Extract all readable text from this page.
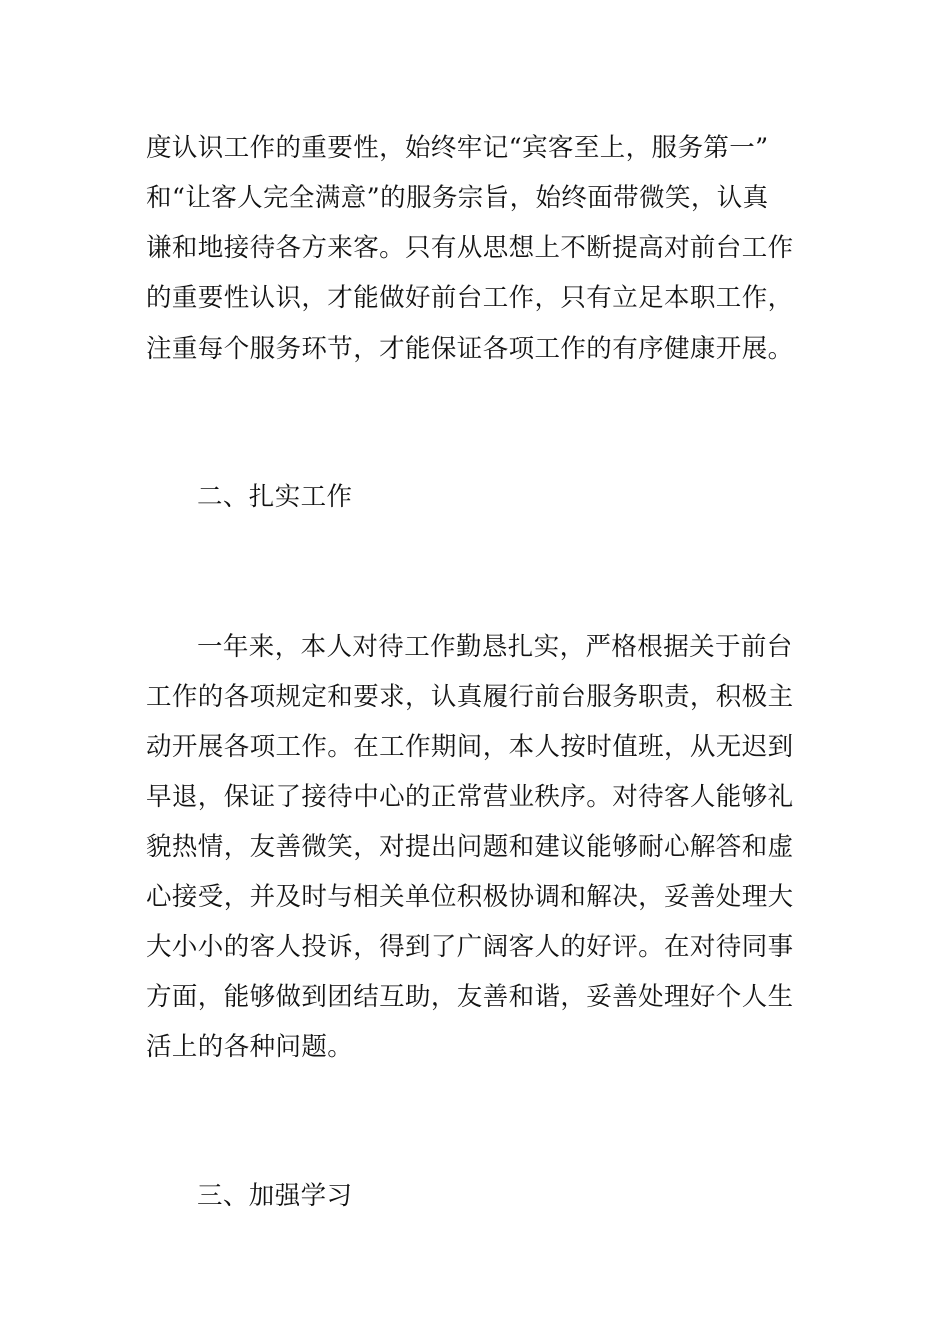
度认识工作的重要性，始终牢记“宾客至上，服务第一”
和“让客人完全满意”的服务宗旨，始终面带微笑，认真
谦和地接待各方来客。只有从思想上不断提高对前台工作
的重要性认识，才能做好前台工作，只有立足本职工作，
注重每个服务环节，才能保证各项工作的有序健康开展。
二、扎实工作
一年来，本人对待工作勤恳扎实，严格根据关于前台
工作的各项规定和要求，认真履行前台服务职责，积极主
动开展各项工作。在工作期间，本人按时值班，从无迟到
早退，保证了接待中心的正常营业秩序。对待客人能够礼
貌热情，友善微笑，对提出问题和建议能够耐心解答和虚
心接受，并及时与相关单位积极协调和解决，妥善处理大
大小小的客人投诉，得到了广阔客人的好评。在对待同事
方面，能够做到团结互助，友善和谐，妥善处理好个人生
活上的各种问题。
三、加强学习
